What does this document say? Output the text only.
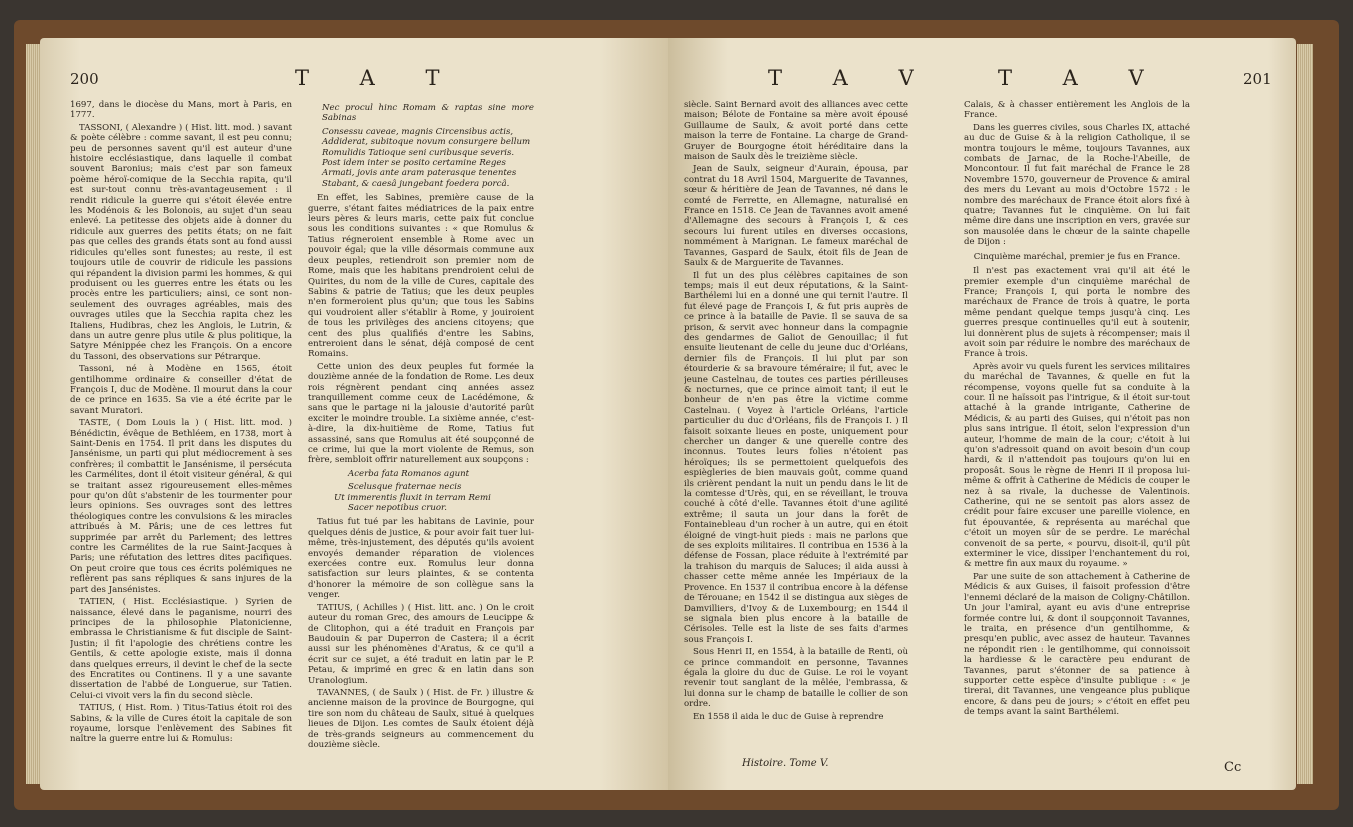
200	T A T

1697, dans le diocèse du Mans, mort à Paris, en 1777.

TASSONI, ( Alexandre ) ( Hist. litt. mod. ) savant & poète célèbre : comme savant, il est peu connu; peu de personnes savent qu'il est auteur d'une histoire ecclésiastique, dans laquelle il combat souvent Baronius; mais c'est par son fameux poème héroï-comique de la Secchia rapita, qu'il est sur-tout connu très-avantageusement : il rendit ridicule la guerre qui s'étoit élevée entre les Modénois & les Bolonois, au sujet d'un seau enlevé. La petitesse des objets aide à donner du ridicule aux guerres des petits états; on ne fait pas que celles des grands états sont au fond aussi ridicules qu'elles sont funestes; au reste, il est toujours utile de couvrir de ridicule les passions qui répandent la division parmi les hommes, & qui produisent ou les guerres entre les états ou les procès entre les particuliers; ainsi, ce sont non-seulement des ouvrages agréables, mais des ouvrages utiles que la Secchia rapita chez les Italiens, Hudibras, chez les Anglois, le Lutrin, & dans un autre genre plus utile & plus politique, la Satyre Ménippée chez les François. On a encore du Tassoni, des observations sur Pétrarque.

Tassoni, né à Modène en 1565, étoit gentilhomme ordinaire & conseiller d'état de François I, duc de Modène. Il mourut dans la cour de ce prince en 1635. Sa vie a été écrite par le savant Muratori.

TASTE, ( Dom Louis la ) ( Hist. litt. mod. ) Bénédictin, évêque de Bethléem, en 1738, mort à Saint-Denis en 1754. Il prit dans les disputes du Jansénisme, un parti qui plut médiocrement à ses confrères; il combattit le Jansénisme, il persécuta les Carmélites, dont il étoit visiteur général, & qui se traitant assez rigoureusement elles-mêmes pour qu'on dût s'abstenir de les tourmenter pour leurs opinions. Ses ouvrages sont des lettres théologiques contre les convulsions & les miracles attribués à M. Pâris; une de ces lettres fut supprimée par arrêt du Parlement; des lettres contre les Carmélites de la rue Saint-Jacques à Paris; une réfutation des lettres dites pacifiques. On peut croire que tous ces écrits polémiques ne reflèrent pas sans répliques & sans injures de la part des Jansénistes.

TATIEN, ( Hist. Ecclésiastique. ) Syrien de naissance, élevé dans le paganisme, nourri des principes de la philosophie Platonicienne, embrassa le Christianisme & fut disciple de Saint-Justin; il fit l'apologie des chrétiens contre les Gentils, & cette apologie existe, mais il donna dans quelques erreurs, il devint le chef de la secte des Encratites ou Continens. Il y a une savante dissertation de l'abbé de Longuerue, sur Tatien. Celui-ci vivoit vers la fin du second siècle.

TATIUS, ( Hist. Rom. ) Titus-Tatius étoit roi des Sabins, & la ville de Cures étoit la capitale de son royaume, lorsque l'enlèvement des Sabines fit naître la guerre entre lui & Romulus:

Nec procul hinc Romam & raptas sine more Sabinas
Consessu caveae, magnis Circensibus actis,
Addiderat, subitoque novum consurgere bellum
Romulidis Tatioque seni curibusque severis.
Post idem inter se posito certamine Reges
Armati, jovis ante aram paterasque tenentes
Stabant, & caesâ jungebant foedera porcâ.

En effet, les Sabines, première cause de la guerre, s'étant faites médiatrices de la paix entre leurs pères & leurs maris, cette paix fut conclue sous les conditions suivantes : « que Romulus & Tatius régneroient ensemble à Rome avec un pouvoir égal; que la ville désormais commune aux deux peuples, retiendroit son premier nom de Rome, mais que les habitans prendroient celui de Quirites, du nom de la ville de Cures, capitale des Sabins & patrie de Tatius; que les deux peuples n'en formeroient plus qu'un; que tous les Sabins qui voudroient aller s'établir à Rome, y jouiroient de tous les privilèges des anciens citoyens; que cent des plus qualifiés d'entre les Sabins, entreroient dans le sénat, déjà composé de cent Romains.

Cette union des deux peuples fut formée la douzième année de la fondation de Rome. Les deux rois régnèrent pendant cinq années assez tranquillement comme ceux de Lacédémone, & sans que le partage ni la jalousie d'autorité parût exciter le moindre trouble. La sixième année, c'est-à-dire, la dix-huitième de Rome, Tatius fut assassiné, sans que Romulus ait été soupçonné de ce crime, lui que la mort violente de Remus, son frère, sembloit offrir naturellement aux soupçons :

Acerba fata Romanos agunt
Scelusque fraternae necis
Ut immerentis fluxit in terram Remi
Sacer nepotibus cruor.

Tatius fut tué par les habitans de Lavinie, pour quelques dénis de justice, & pour avoir fait tuer lui-même, très-injustement, des députés qu'ils avoient envoyés demander réparation de violences exercées contre eux. Romulus leur donna satisfaction sur leurs plaintes, & se contenta d'honorer la mémoire de son collègue sans la venger.

TATIUS, ( Achilles ) ( Hist. litt. anc. ) On le croit auteur du roman Grec, des amours de Leucippe & de Clitophon, qui a été traduit en François par Baudouin & par Duperron de Castera; il a écrit aussi sur les phénomènes d'Aratus, & ce qu'il a écrit sur ce sujet, a été traduit en latin par le P. Petau, & imprimé en grec & en latin dans son Uranologium.

TAVANNES, ( de Saulx ) ( Hist. de Fr. ) illustre & ancienne maison de la province de Bourgogne, qui tire son nom du château de Saulx, situé à quelques lieues de Dijon. Les comtes de Saulx étoient déjà de très-grands seigneurs au commencement du douzième siècle.

T A V	T A V	201

siècle. Saint Bernard avoit des alliances avec cette maison; Bélote de Fontaine sa mère avoit épousé Guillaume de Saulx, & avoit porté dans cette maison la terre de Fontaine. La charge de Grand-Gruyer de Bourgogne étoit héréditaire dans la maison de Saulx dès le treizième siècle.

Jean de Saulx, seigneur d'Aurain, épousa, par contrat du 18 Avril 1504, Marguerite de Tavannes, sœur & héritière de Jean de Tavannes, né dans le comté de Ferrette, en Allemagne, naturalisé en France en 1518. Ce Jean de Tavannes avoit amené d'Allemagne des secours à François I, & ces secours lui furent utiles en diverses occasions, nommément à Marignan. Le fameux maréchal de Tavannes, Gaspard de Saulx, étoit fils de Jean de Saulx & de Marguerite de Tavannes.

Il fut un des plus célèbres capitaines de son temps; mais il eut deux réputations, & la Saint-Barthélemi lui en a donné une qui ternit l'autre. Il fut élevé page de François I, & fut pris auprès de ce prince à la bataille de Pavie. Il se sauva de sa prison, & servit avec honneur dans la compagnie des gendarmes de Galiot de Genouillac; il fut ensuite lieutenant de celle du jeune duc d'Orléans, dernier fils de François. Il lui plut par son étourderie & sa bravoure téméraire; il fut, avec le jeune Castelnau, de toutes ces parties périlleuses & nocturnes, que ce prince aimoit tant; il eut le bonheur de n'en pas être la victime comme Castelnau. ( Voyez à l'article Orléans, l'article particulier du duc d'Orléans, fils de François I. ) Il faisoit soixante lieues en poste, uniquement pour chercher un danger & une querelle contre des inconnus. Toutes leurs folies n'étoient pas héroïques; ils se permettoient quelquefois des espiègleries de bien mauvais goût, comme quand ils crièrent pendant la nuit un pendu dans le lit de la comtesse d'Urès, qui, en se réveillant, le trouva couché à côté d'elle. Tavannes étoit d'une agilité extrême; il sauta un jour dans la forêt de Fontainebleau d'un rocher à un autre, qui en étoit éloigné de vingt-huit pieds : mais ne parlons que de ses exploits militaires. Il contribua en 1536 à la défense de Fossan, place réduite à l'extrémité par la trahison du marquis de Saluces; il aida aussi à chasser cette même année les Impériaux de la Provence. En 1537 il contribua encore à la défense de Térouane; en 1542 il se distingua aux sièges de Damvilliers, d'Ivoy & de Luxembourg; en 1544 il se signala bien plus encore à la bataille de Cérisoles. Telle est la liste de ses faits d'armes sous François I.

Sous Henri II, en 1554, à la bataille de Renti, où ce prince commandoit en personne, Tavannes égala la gloire du duc de Guise. Le roi le voyant revenir tout sanglant de la mêlée, l'embrassa, & lui donna sur le champ de bataille le collier de son ordre.

En 1558 il aida le duc de Guise à reprendre

Histoire. Tome V.

Calais, & à chasser entièrement les Anglois de la France.

Dans les guerres civiles, sous Charles IX, attaché au duc de Guise & à la religion Catholique, il se montra toujours le même, toujours Tavannes, aux combats de Jarnac, de la Roche-l'Abeille, de Moncontour. Il fut fait maréchal de France le 28 Novembre 1570, gouverneur de Provence & amiral des mers du Levant au mois d'Octobre 1572 : le nombre des maréchaux de France étoit alors fixé à quatre; Tavannes fut le cinquième. On lui fait même dire dans une inscription en vers, gravée sur son mausolée dans le chœur de la sainte chapelle de Dijon :

Cinquième maréchal, premier je fus en France.

Il n'est pas exactement vrai qu'il ait été le premier exemple d'un cinquième maréchal de France; François I, qui porta le nombre des maréchaux de France de trois à quatre, le porta même pendant quelque temps jusqu'à cinq. Les guerres presque continuelles qu'il eut à soutenir, lui donnèrent plus de sujets à récompenser; mais il avoit soin par réduire le nombre des maréchaux de France à trois.

Après avoir vu quels furent les services militaires du maréchal de Tavannes, & quelle en fut la récompense, voyons quelle fut sa conduite à la cour. Il ne haïssoit pas l'intrigue, & il étoit sur-tout attaché à la grande intrigante, Catherine de Médicis, & au parti des Guises, qui n'étoit pas non plus sans intrigue. Il étoit, selon l'expression d'un auteur, l'homme de main de la cour; c'étoit à lui qu'on s'adressoit quand on avoit besoin d'un coup hardi, & il n'attendoit pas toujours qu'on lui en proposât. Sous le règne de Henri II il proposa lui-même & offrit à Catherine de Médicis de couper le nez à sa rivale, la duchesse de Valentinois. Catherine, qui ne se sentoit pas alors assez de crédit pour faire excuser une pareille violence, en fut épouvantée, & représenta au maréchal que c'étoit un moyen sûr de se perdre. Le maréchal convenoit de sa perte, « pourvu, disoit-il, qu'il pût exterminer le vice, dissiper l'enchantement du roi, & mettre fin aux maux du royaume. »

Par une suite de son attachement à Catherine de Médicis & aux Guises, il faisoit profession d'être l'ennemi déclaré de la maison de Coligny-Châtillon. Un jour l'amiral, ayant eu avis d'une entreprise formée contre lui, & dont il soupçonnoit Tavannes, le traita, en présence d'un gentilhomme, & presqu'en public, avec assez de hauteur. Tavannes ne répondit rien : le gentilhomme, qui connoissoit la hardiesse & le caractère peu endurant de Tavannes, parut s'étonner de sa patience à supporter cette espèce d'insulte publique : « je tirerai, dit Tavannes, une vengeance plus publique encore, & dans peu de jours; » c'étoit en effet peu de temps avant la saint Barthélemi.

Cc
